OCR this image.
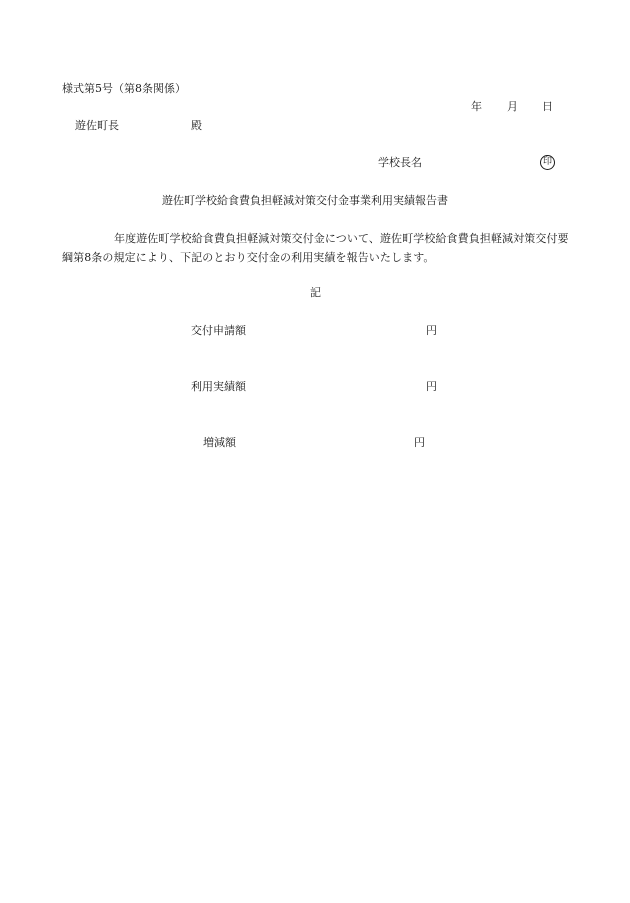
様式第5号（第8条関係）
年 月 日
遊佐町長	殿
学校長名	印
遊佐町学校給食費負担軽減対策交付金事業利用実績報告書
年度遊佐町学校給食費負担軽減対策交付金について、遊佐町学校給食費負担軽減対策交付要綱第8条の規定により、下記のとおり交付金の利用実績を報告いたします。
記
交付申請額	円
利用実績額	円
増減額	円
